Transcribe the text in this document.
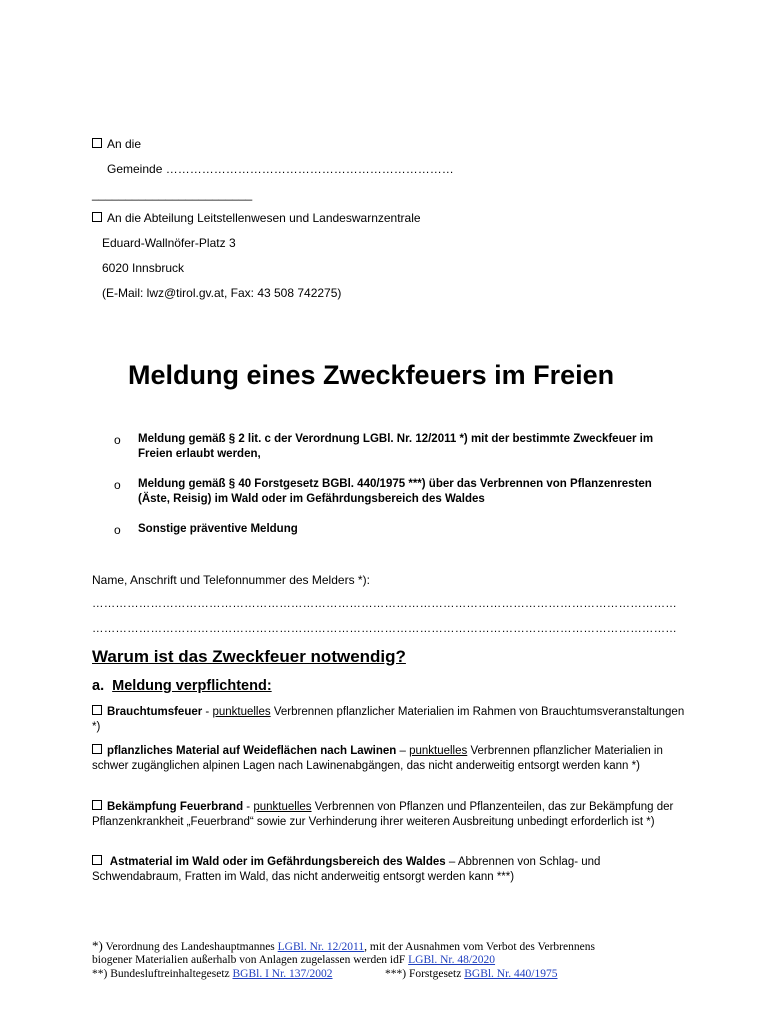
An die
Gemeinde ………………………………………………………………
________________________
An die Abteilung Leitstellenwesen und Landeswarnzentrale
Eduard-Wallnöfer-Platz 3
6020 Innsbruck
(E-Mail: lwz@tirol.gv.at, Fax: 43 508 742275)
Meldung eines Zweckfeuers im Freien
o Meldung gemäß § 2 lit. c der Verordnung LGBl. Nr. 12/2011 *) mit der bestimmte Zweckfeuer im Freien erlaubt werden,
o Meldung gemäß § 40 Forstgesetz BGBl. 440/1975 ***) über das Verbrennen von Pflanzenresten (Äste, Reisig) im Wald oder im Gefährdungsbereich des Waldes
o Sonstige präventive Meldung
Name, Anschrift und Telefonnummer des Melders *):
……………………………………………………………………………………………………………………………………
……………………………………………………………………………………………………………………………………
Warum ist das Zweckfeuer notwendig?
a. Meldung verpflichtend:
Brauchtumsfeuer - punktuelles Verbrennen pflanzlicher Materialien im Rahmen von Brauchtumsveranstaltungen *)
pflanzliches Material auf Weideflächen nach Lawinen – punktuelles Verbrennen pflanzlicher Materialien in schwer zugänglichen alpinen Lagen nach Lawinenabgängen, das nicht anderweitig entsorgt werden kann *)
Bekämpfung Feuerbrand - punktuelles Verbrennen von Pflanzen und Pflanzenteilen, das zur Bekämpfung der Pflanzenkrankheit „Feuerbrand“ sowie zur Verhinderung ihrer weiteren Ausbreitung unbedingt erforderlich ist *)
Astmaterial im Wald oder im Gefährdungsbereich des Waldes – Abbrennen von Schlag- und Schwendabraum, Fratten im Wald, das nicht anderweitig entsorgt werden kann ***)
*) Verordnung des Landeshauptmannes LGBl. Nr. 12/2011, mit der Ausnahmen vom Verbot des Verbrennens
biogener Materialien außerhalb von Anlagen zugelassen werden idF LGBl. Nr. 48/2020
**) Bundesluftreinhaltegesetz BGBl. I Nr. 137/2002	***) Forstgesetz BGBl. Nr. 440/1975
